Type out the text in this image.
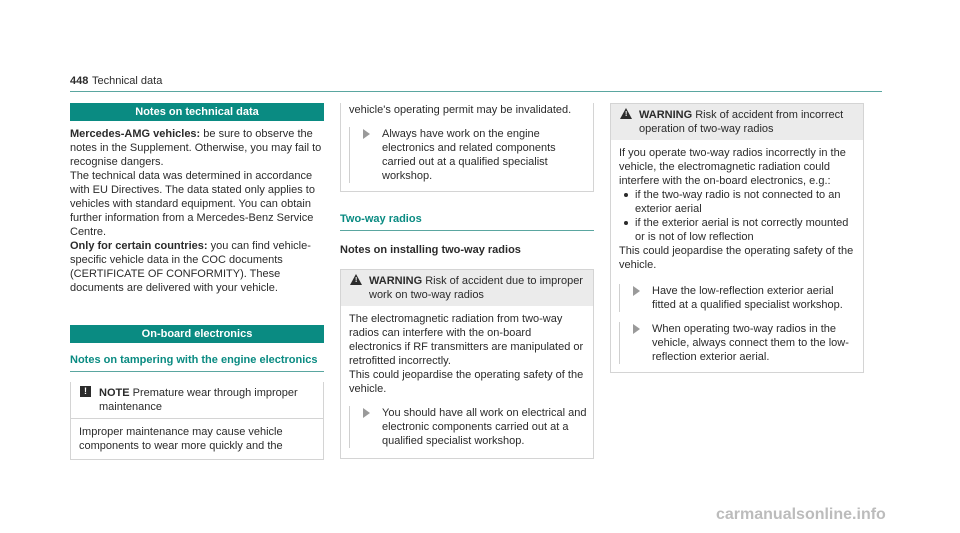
448 Technical data
Notes on technical data

Mercedes-AMG vehicles: be sure to observe the notes in the Supplement. Otherwise, you may fail to recognise dangers.

The technical data was determined in accordance with EU Directives. The data stated only applies to vehicles with standard equipment. You can obtain further information from a Mercedes-Benz Service Centre.

Only for certain countries: you can find vehicle-specific vehicle data in the COC documents (CERTIFICATE OF CONFORMITY). These documents are delivered with your vehicle.

On-board electronics
Notes on tampering with the engine electronics
!	NOTE Premature wear through improper maintenance
Improper maintenance may cause vehicle components to wear more quickly and the
vehicle's operating permit may be invalidated.
Always have work on the engine electronics and related components carried out at a qualified specialist workshop.
Two-way radios
Notes on installing two-way radios
! WARNING Risk of accident due to improper work on two-way radios

The electromagnetic radiation from two-way radios can interfere with the on-board electronics if RF transmitters are manipulated or retrofitted incorrectly.

This could jeopardise the operating safety of the vehicle.

You should have all work on electrical and electronic components carried out at a qualified specialist workshop.
! WARNING Risk of accident from incorrect operation of two-way radios

If you operate two-way radios incorrectly in the vehicle, the electromagnetic radiation could interfere with the on-board electronics, e.g.:

if the two-way radio is not connected to an exterior aerial
if the exterior aerial is not correctly mounted or is not of low reflection

This could jeopardise the operating safety of the vehicle.

Have the low-reflection exterior aerial fitted at a qualified specialist workshop.
When operating two-way radios in the vehicle, always connect them to the low-reflection exterior aerial.
carmanualsonline.info
